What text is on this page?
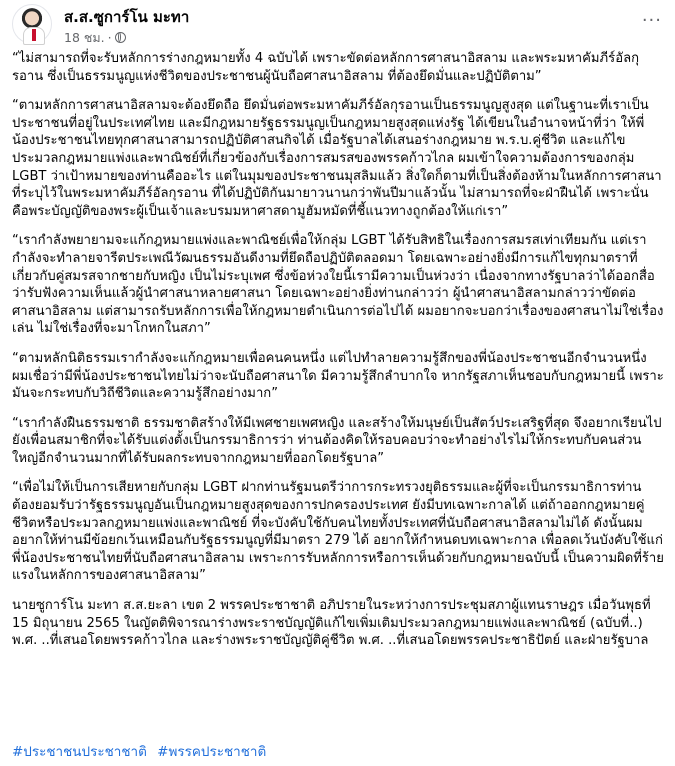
ส.ส.ซูการ์โน มะทา
18 ชม. ·
···

“ไม่สามารถที่จะรับหลักการร่างกฎหมายทั้ง 4 ฉบับได้ เพราะขัดต่อหลักการศาสนาอิสลาม และพระมหาคัมภีร์อัลกุรอาน ซึ่งเป็นธรรมนูญแห่งชีวิตของประชาชนผู้นับถือศาสนาอิสลาม ที่ต้องยึดมั่นและปฏิบัติตาม”

“ตามหลักการศาสนาอิสลามจะต้องยึดถือ ยึดมั่นต่อพระมหาคัมภีร์อัลกุรอานเป็นธรรมนูญสูงสุด แต่ในฐานะที่เราเป็นประชาชนที่อยู่ในประเทศไทย และมีกฎหมายรัฐธรรมนูญเป็นกฎหมายสูงสุดแห่งรัฐ ได้เขียนในอำนาจหน้าที่ว่า ให้พี่น้องประชาชนไทยทุกศาสนาสามารถปฏิบัติศาสนกิจได้ เมื่อรัฐบาลได้เสนอร่างกฎหมาย พ.ร.บ.คู่ชีวิต และแก้ไขประมวลกฎหมายแพ่งและพาณิชย์ที่เกี่ยวข้องกับเรื่องการสมรสของพรรคก้าวไกล ผมเข้าใจความต้องการของกลุ่ม LGBT ว่าเป้าหมายของท่านคืออะไร แต่ในมุมของประชาชนมุสลิมแล้ว สิ่งใดก็ตามที่เป็นสิ่งต้องห้ามในหลักการศาสนาที่ระบุไว้ในพระมหาคัมภีร์อัลกุรอาน ที่ได้ปฏิบัติกันมายาวนานกว่าพันปีมาแล้วนั้น ไม่สามารถที่จะฝ่าฝืนได้ เพราะนั่นคือพระบัญญัติของพระผู้เป็นเจ้าและบรมมหาศาสดามูฮัมหมัดที่ชี้แนวทางถูกต้องให้แก่เรา”

“เรากำลังพยายามจะแก้กฎหมายแพ่งและพาณิชย์เพื่อให้กลุ่ม LGBT ได้รับสิทธิในเรื่องการสมรสเท่าเทียมกัน แต่เรากำลังจะทำลายจารีตประเพณีวัฒนธรรมอันดีงามที่ยึดถือปฏิบัติตลอดมา โดยเฉพาะอย่างยิ่งมีการแก้ไขทุกมาตราที่เกี่ยวกับคู่สมรสจากชายกับหญิง เป็นไม่ระบุเพศ ซึ่งข้อห่วงใยนี้เรามีความเป็นห่วงว่า เนื่องจากทางรัฐบาลว่าได้ออกสื่อว่ารับฟังความเห็นแล้วผู้นำศาสนาหลายศาสนา โดยเฉพาะอย่างยิ่งท่านกล่าวว่า ผู้นำศาสนาอิสลามกล่าวว่าขัดต่อศาสนาอิสลาม แต่สามารถรับหลักการเพื่อให้กฎหมายดำเนินการต่อไปได้ ผมอยากจะบอกว่าเรื่องของศาสนาไม่ใช่เรื่องเล่น ไม่ใช่เรื่องที่จะมาโกหกในสภา”

“ตามหลักนิติธรรมเรากำลังจะแก้กฎหมายเพื่อคนคนหนึ่ง แต่ไปทำลายความรู้สึกของพี่น้องประชาชนอีกจำนวนหนึ่ง ผมเชื่อว่ามีพี่น้องประชาชนไทยไม่ว่าจะนับถือศาสนาใด มีความรู้สึกลำบากใจ หากรัฐสภาเห็นชอบกับกฎหมายนี้ เพราะมันจะกระทบกับวิถีชีวิตและความรู้สึกอย่างมาก”

“เรากำลังฝืนธรรมชาติ ธรรมชาติสร้างให้มีเพศชายเพศหญิง และสร้างให้มนุษย์เป็นสัตว์ประเสริฐที่สุด จึงอยากเรียนไปยังเพื่อนสมาชิกที่จะได้รับแต่งตั้งเป็นกรรมาธิการว่า ท่านต้องคิดให้รอบคอบว่าจะทำอย่างไรไม่ให้กระทบกับคนส่วนใหญ่อีกจำนวนมากที่ได้รับผลกระทบจากกฎหมายที่ออกโดยรัฐบาล”

“เพื่อไม่ให้เป็นการเสียหายกับกลุ่ม LGBT ฝากท่านรัฐมนตรีว่าการกระทรวงยุติธรรมและผู้ที่จะเป็นกรรมาธิการท่านต้องยอมรับว่ารัฐธรรมนูญอันเป็นกฎหมายสูงสุดของการปกครองประเทศ ยังมีบทเฉพาะกาลได้ แต่ถ้าออกกฎหมายคู่ชีวิตหรือประมวลกฎหมายแพ่งและพาณิชย์ ที่จะบังคับใช้กับคนไทยทั้งประเทศที่นับถือศาสนาอิสลามไม่ได้ ดังนั้นผมอยากให้ท่านมีข้อยกเว้นเหมือนกับรัฐธรรมนูญที่มีมาตรา 279 ได้ อยากให้กำหนดบทเฉพาะกาล เพื่อลดเว้นบังคับใช้แก่พี่น้องประชาชนไทยที่นับถือศาสนาอิสลาม เพราะการรับหลักการหรือการเห็นด้วยกับกฎหมายฉบับนี้ เป็นความผิดที่ร้ายแรงในหลักการของศาสนาอิสลาม”

นายซูการ์โน มะทา ส.ส.ยะลา เขต 2 พรรคประชาชาติ อภิปรายในระหว่างการประชุมสภาผู้แทนราษฎร เมื่อวันพุธที่ 15 มิถุนายน 2565 ในญัตติพิจารณาร่างพระราชบัญญัติแก้ไขเพิ่มเติมประมวลกฎหมายแพ่งและพาณิชย์ (ฉบับที่..) พ.ศ. ..ที่เสนอโดยพรรคก้าวไกล และร่างพระราชบัญญัติคู่ชีวิต พ.ศ. ..ที่เสนอโดยพรรคประชาธิปัตย์ และฝ่ายรัฐบาล

#ประชาชนประชาชาติ #พรรคประชาชาติ
